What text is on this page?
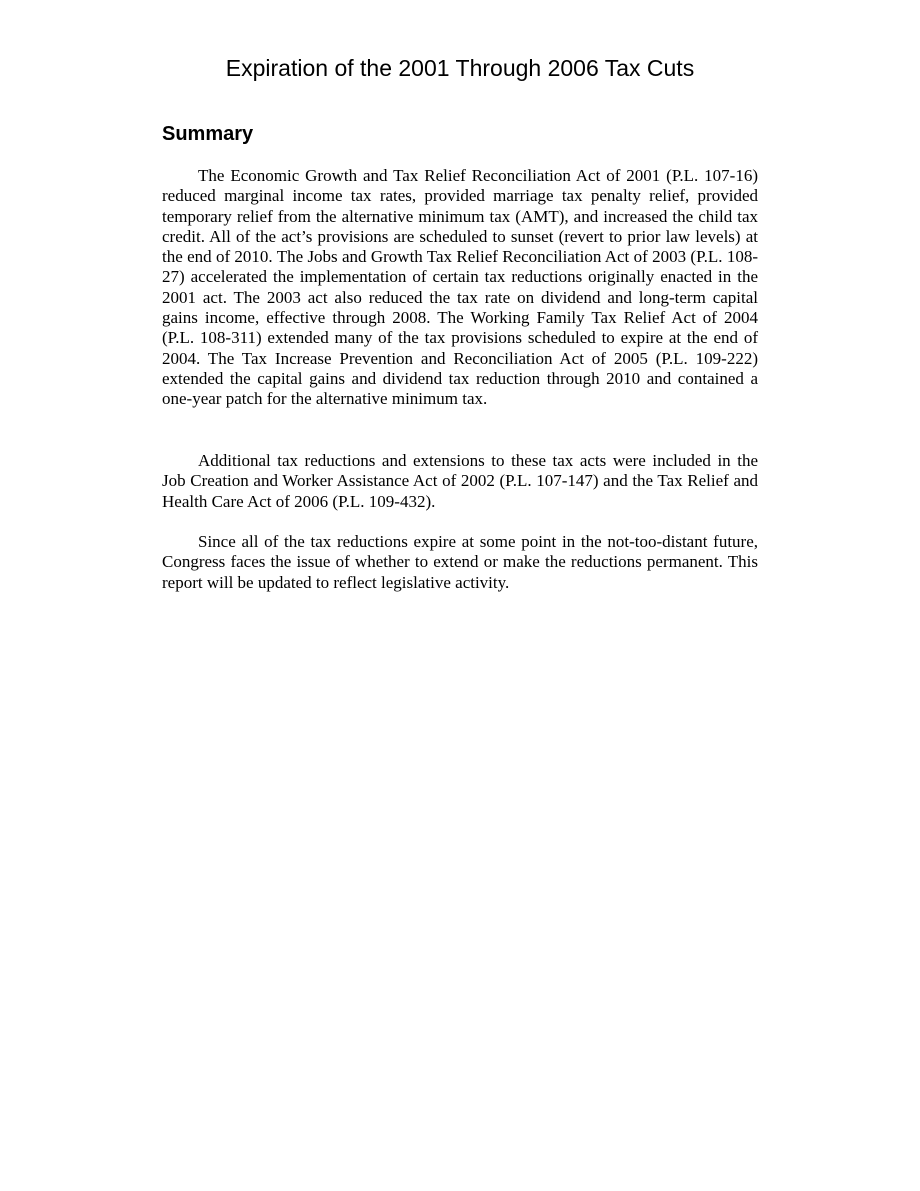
Expiration of the 2001 Through 2006 Tax Cuts
Summary

The Economic Growth and Tax Relief Reconciliation Act of 2001 (P.L. 107-16) reduced marginal income tax rates, provided marriage tax penalty relief, provided temporary relief from the alternative minimum tax (AMT), and increased the child tax credit. All of the act’s provisions are scheduled to sunset (revert to prior law levels) at the end of 2010. The Jobs and Growth Tax Relief Reconciliation Act of 2003 (P.L. 108-27) accelerated the implementation of certain tax reductions originally enacted in the 2001 act. The 2003 act also reduced the tax rate on dividend and long-term capital gains income, effective through 2008. The Working Family Tax Relief Act of 2004 (P.L. 108-311) extended many of the tax provisions scheduled to expire at the end of 2004. The Tax Increase Prevention and Reconciliation Act of 2005 (P.L. 109-222) extended the capital gains and dividend tax reduction through 2010 and contained a one-year patch for the alternative minimum tax.

Additional tax reductions and extensions to these tax acts were included in the Job Creation and Worker Assistance Act of 2002 (P.L. 107-147) and the Tax Relief and Health Care Act of 2006 (P.L. 109-432).

Since all of the tax reductions expire at some point in the not-too-distant future, Congress faces the issue of whether to extend or make the reductions permanent. This report will be updated to reflect legislative activity.
